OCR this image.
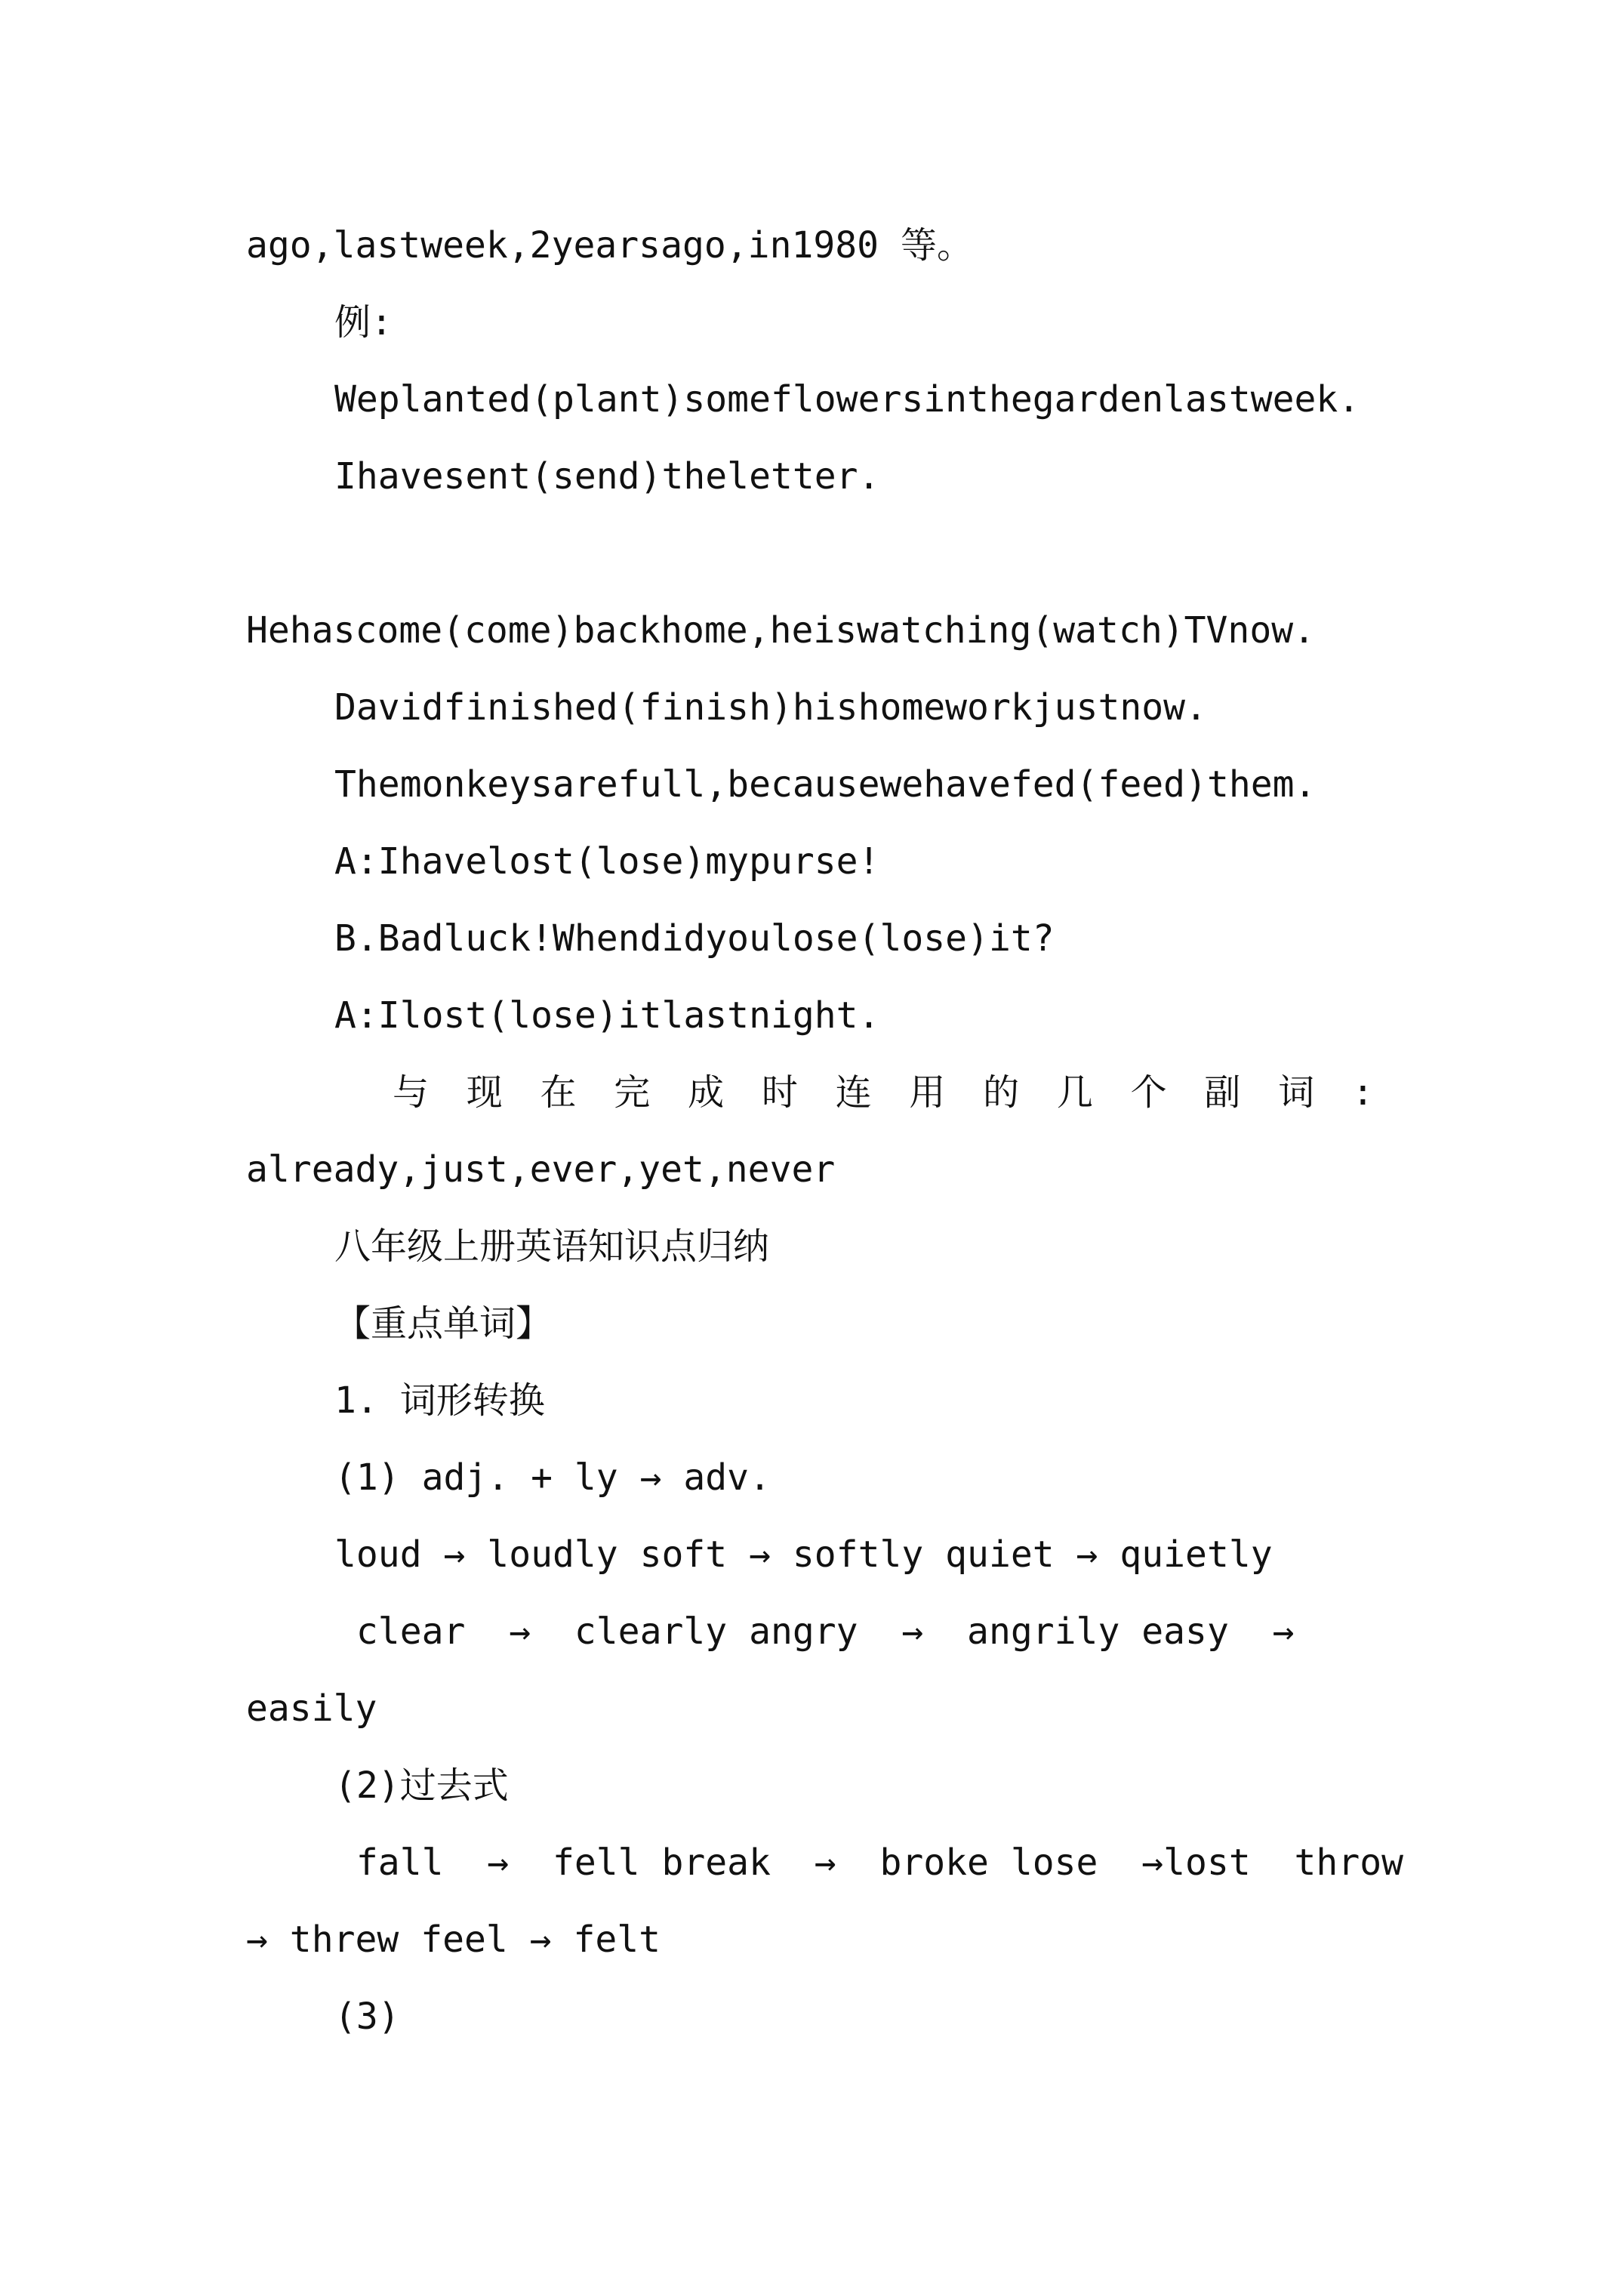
ago,lastweek,2yearsago,in1980 等。
例:
Weplanted(plant)someflowersinthegardenlastweek.
Ihavesent(send)theletter.
Hehascome(come)backhome,heiswatching(watch)TVnow.
Davidfinished(finish)hishomeworkjustnow.
Themonkeysarefull,becausewehavefed(feed)them.
A:Ihavelost(lose)mypurse!
B.Badluck!Whendidyoulose(lose)it?
A:Ilost(lose)itlastnight.
与 现 在 完 成 时 连 用 的 几 个 副 词 :
already,just,ever,yet,never
八年级上册英语知识点归纳
【重点单词】
1. 词形转换
(1) adj. + ly → adv.
loud → loudly soft → softly quiet → quietly
clear  →  clearly angry  →  angrily easy  →
easily
(2)过去式
fall  →  fell break  →  broke lose  →lost  throw
→ threw feel → felt
(3)
